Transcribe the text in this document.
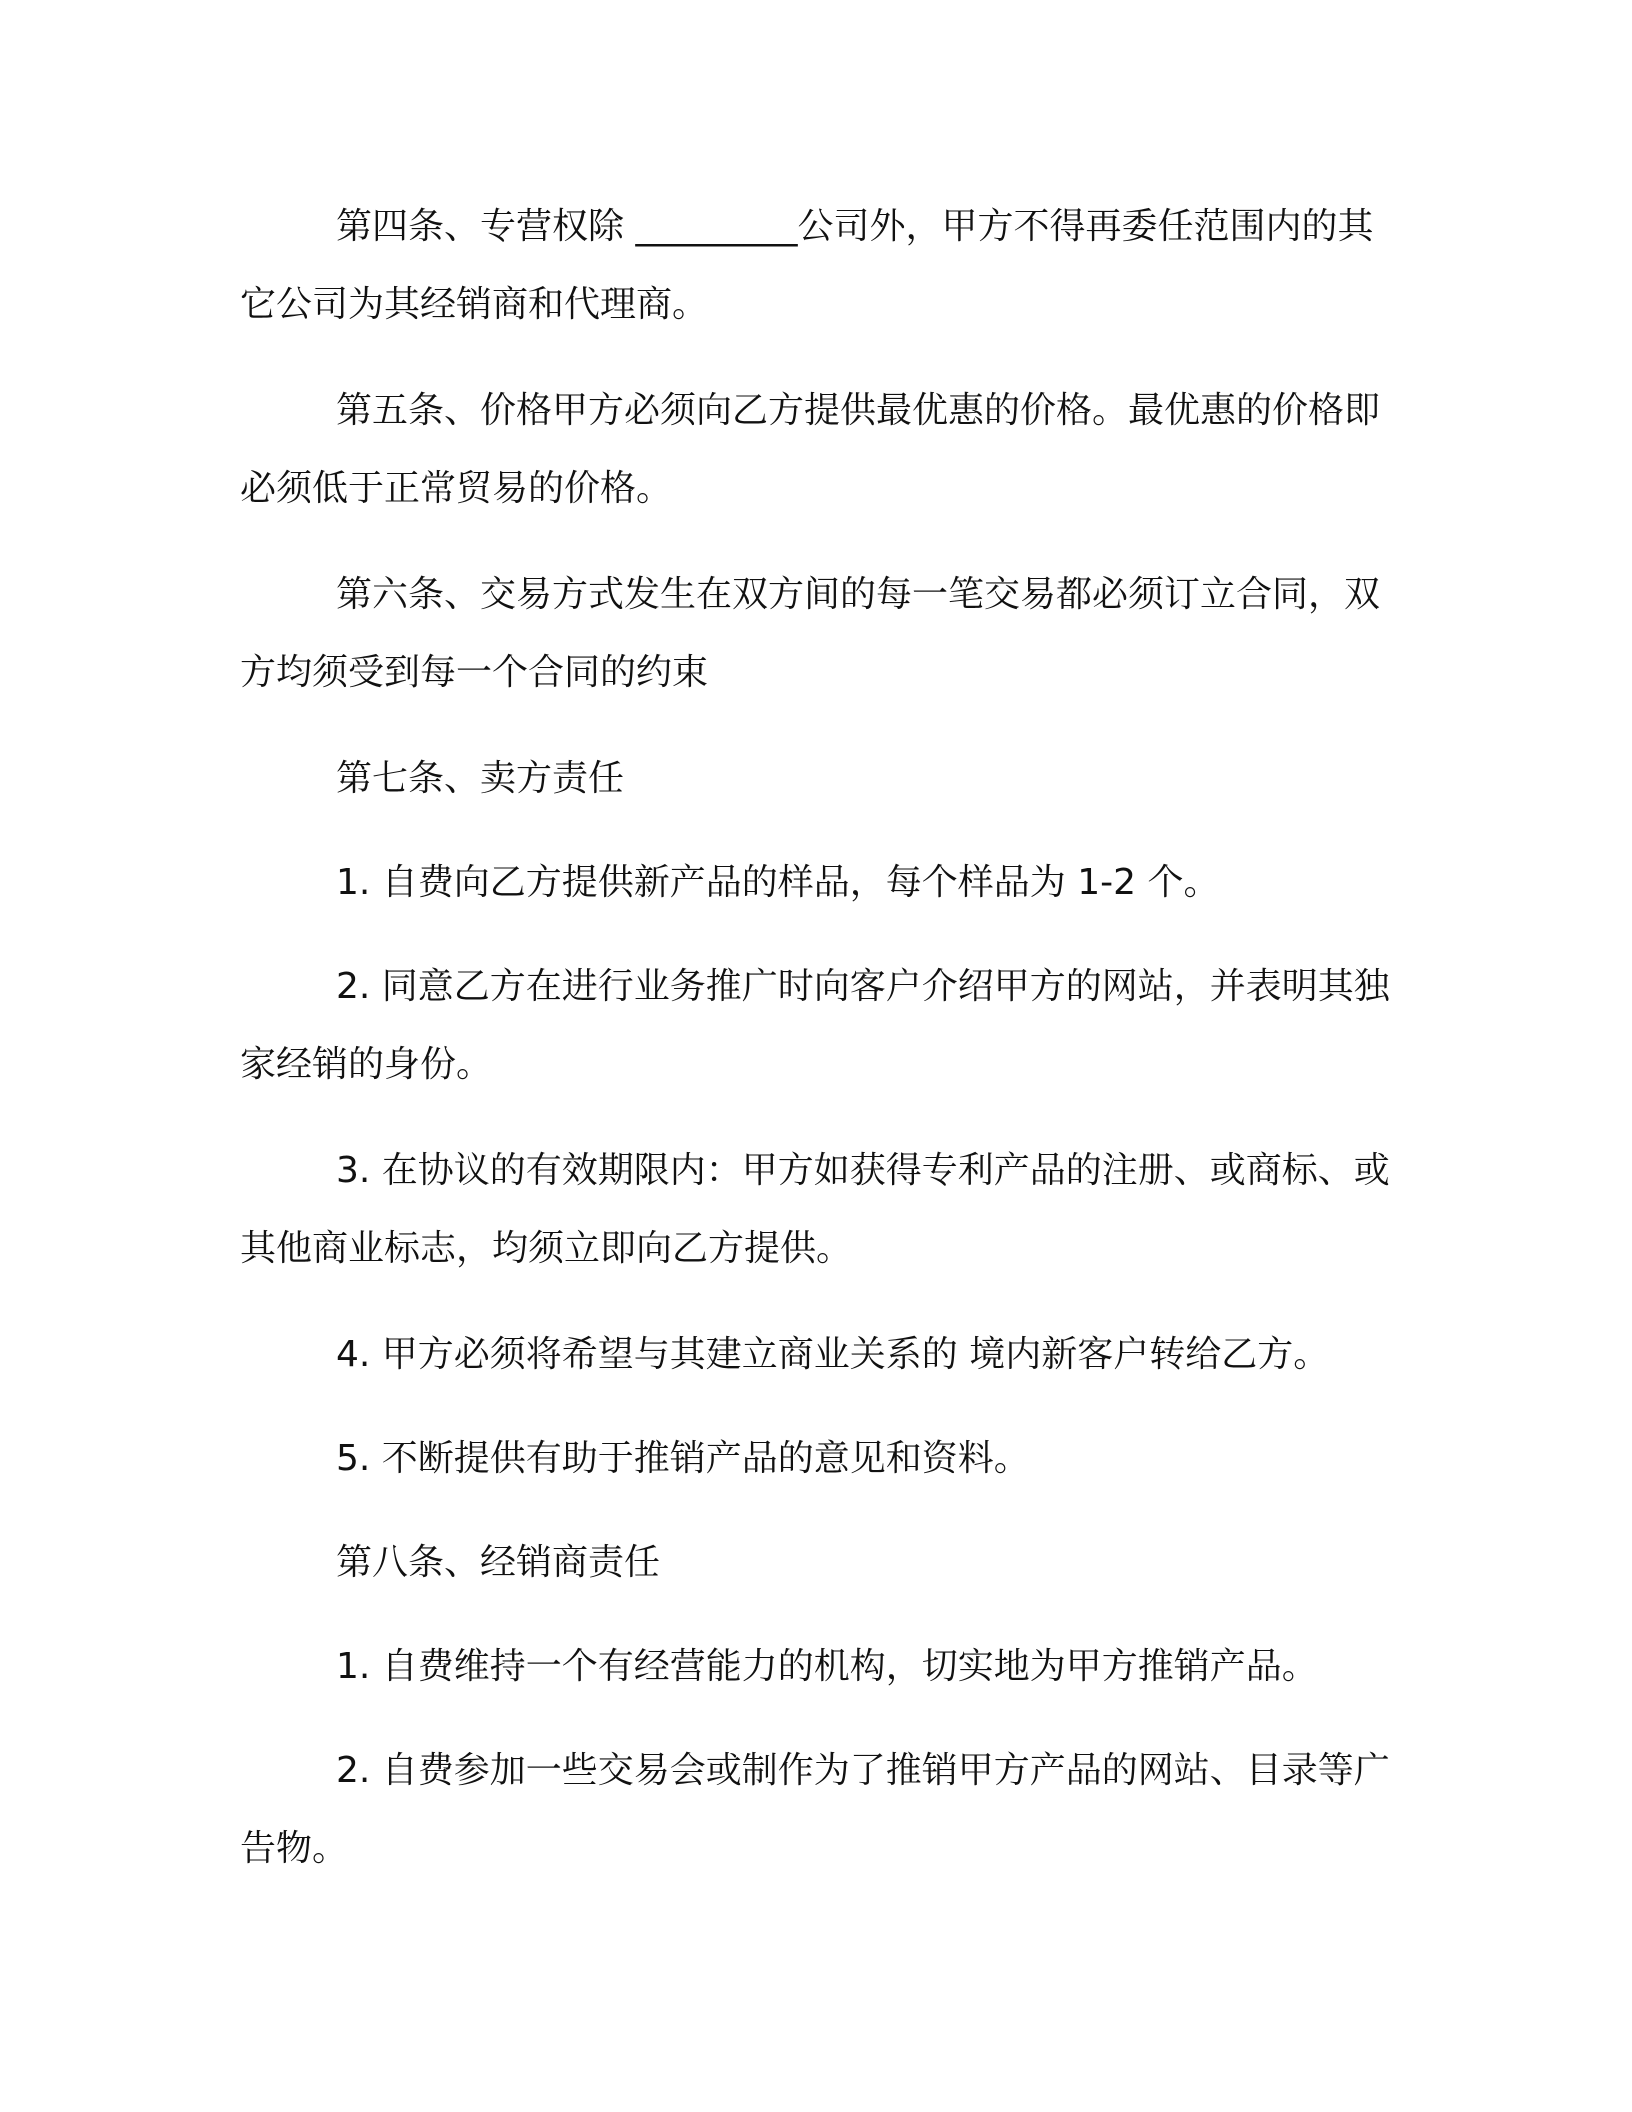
第四条、专营权除 _________公司外，甲方不得再委任范围内的其它公司为其经销商和代理商。

第五条、价格甲方必须向乙方提供最优惠的价格。最优惠的价格即必须低于正常贸易的价格。

第六条、交易方式发生在双方间的每一笔交易都必须订立合同，双方均须受到每一个合同的约束

第七条、卖方责任

1. 自费向乙方提供新产品的样品，每个样品为 1-2 个。

2. 同意乙方在进行业务推广时向客户介绍甲方的网站，并表明其独家经销的身份。

3. 在协议的有效期限内：甲方如获得专利产品的注册、或商标、或其他商业标志，均须立即向乙方提供。

4. 甲方必须将希望与其建立商业关系的 境内新客户转给乙方。

5. 不断提供有助于推销产品的意见和资料。

第八条、经销商责任

1. 自费维持一个有经营能力的机构，切实地为甲方推销产品。

2. 自费参加一些交易会或制作为了推销甲方产品的网站、目录等广告物。
